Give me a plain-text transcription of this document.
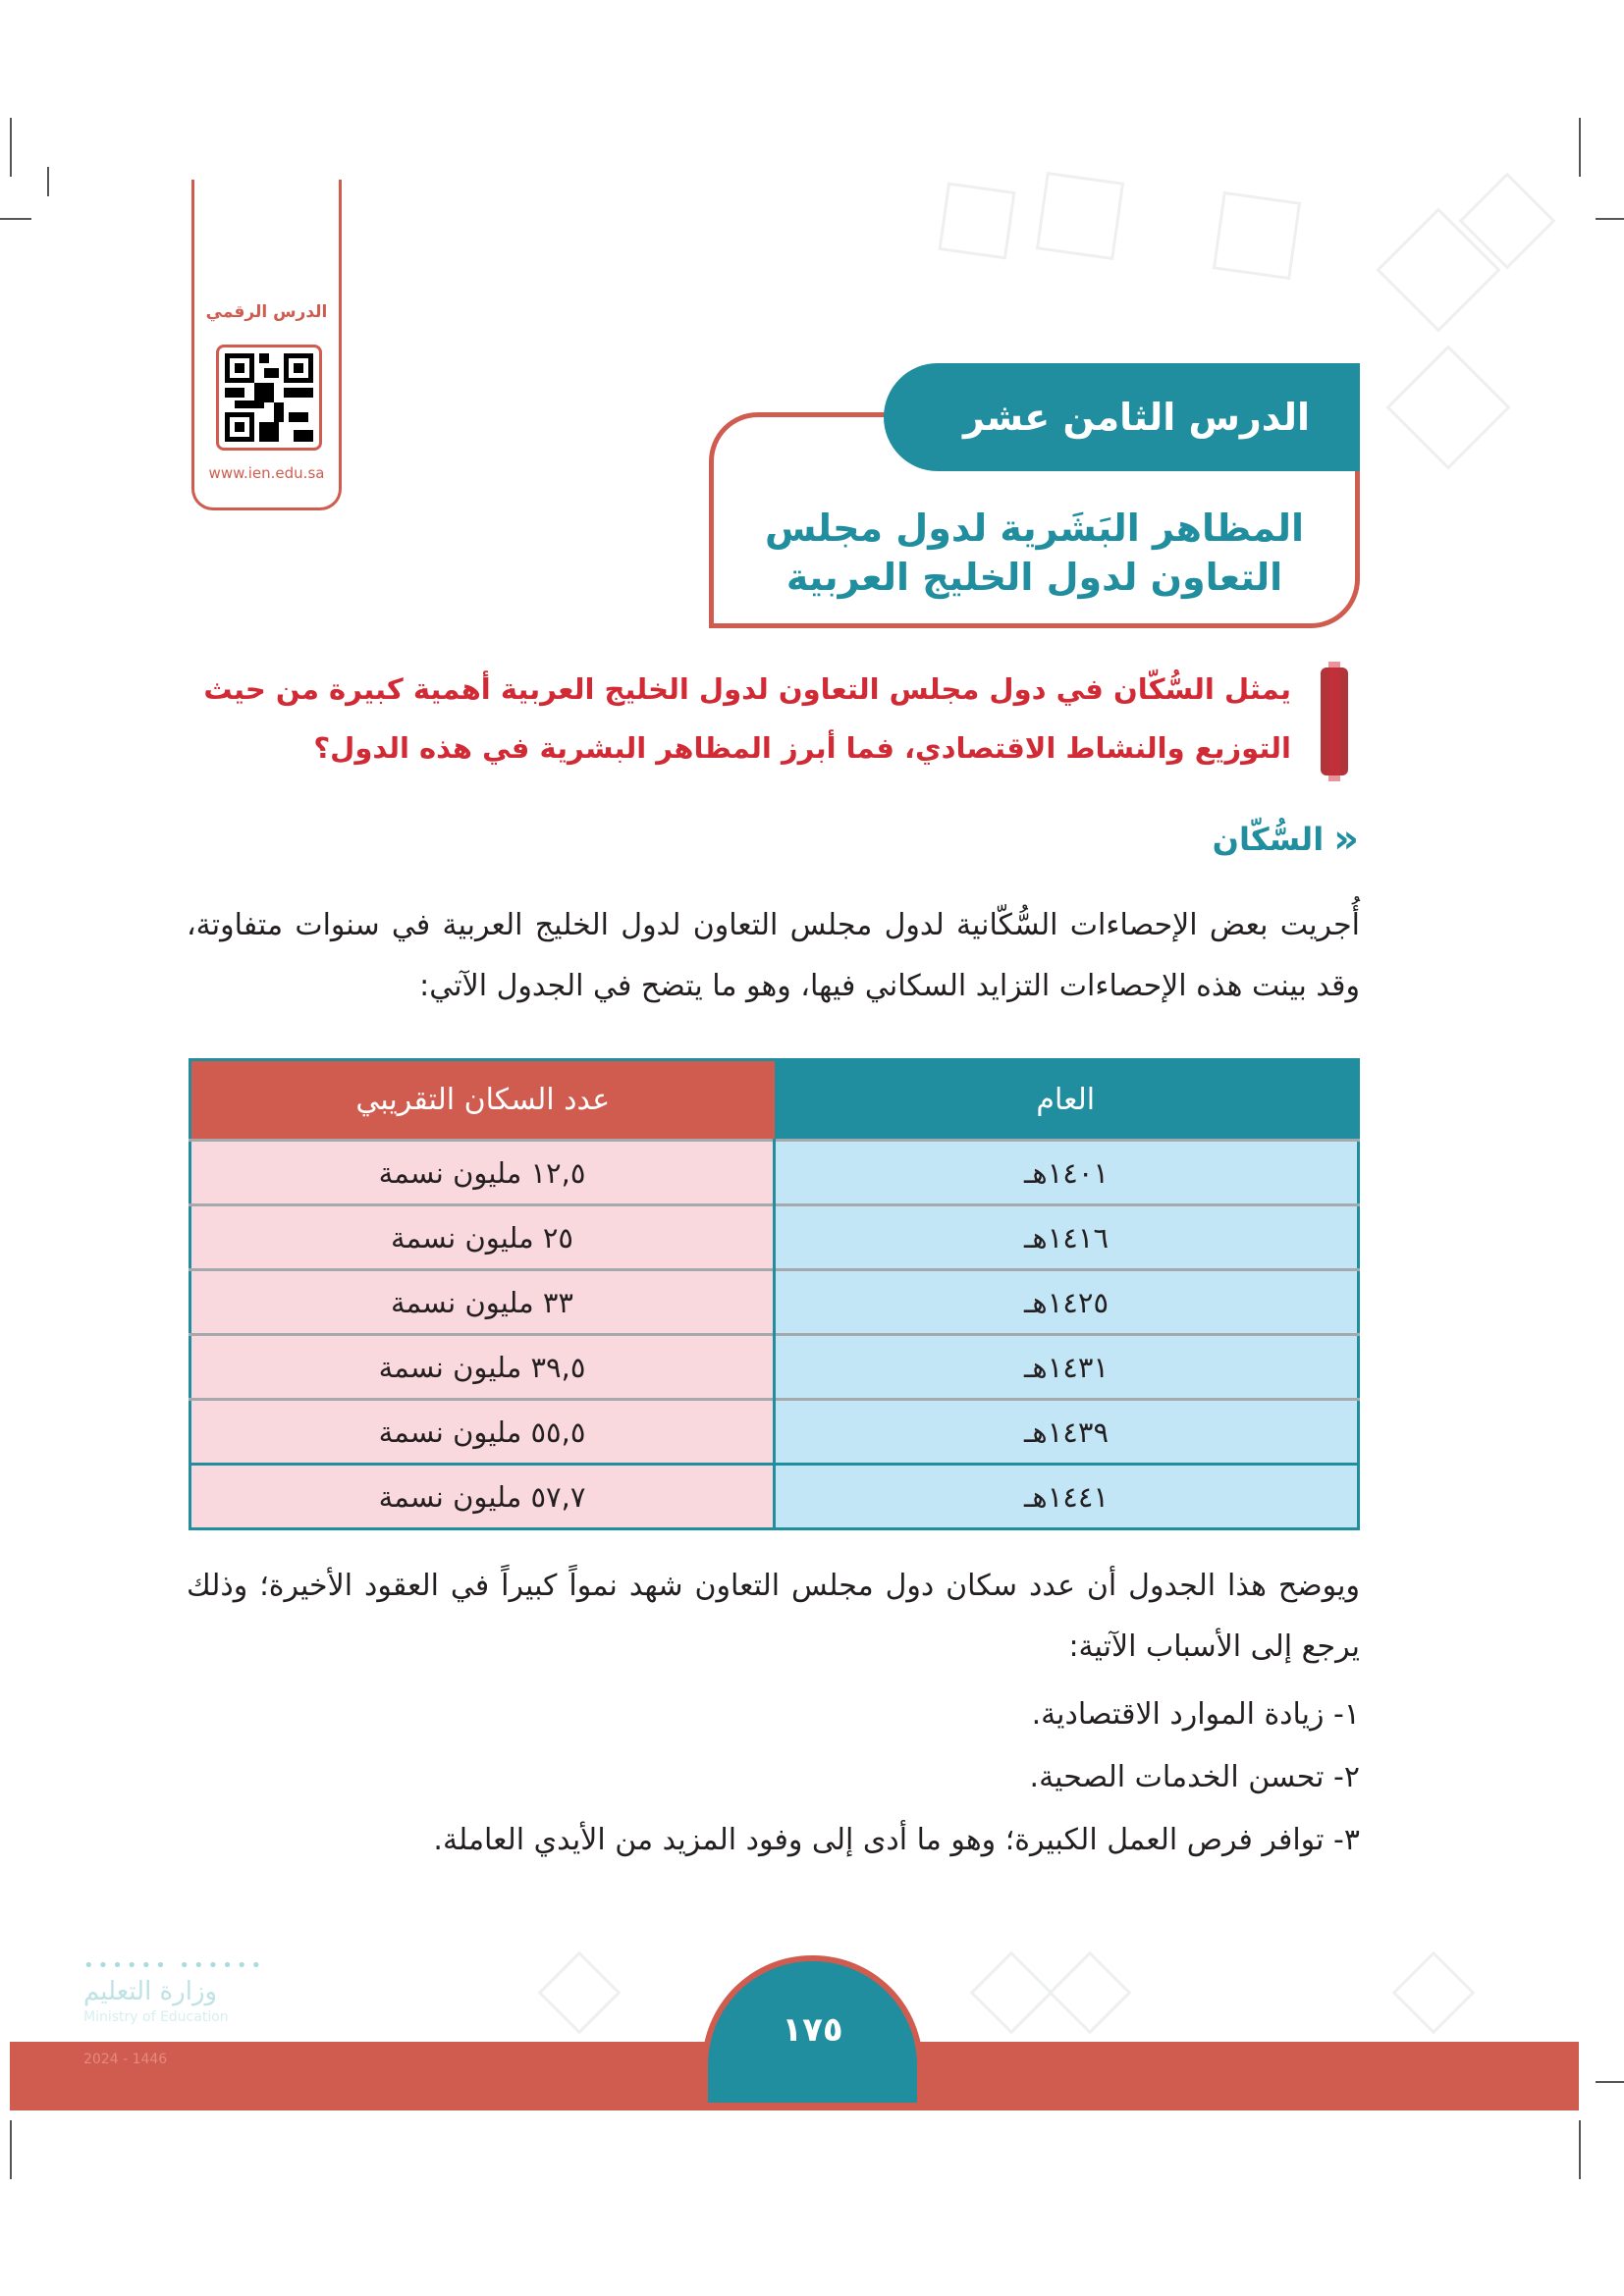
الدرس الرقمي
www.ien.edu.sa
المظاهر البَشَرية لدول مجلس
التعاون لدول الخليج العربية
الدرس الثامن عشر
يمثل السُّكّان في دول مجلس التعاون لدول الخليج العربية أهمية كبيرة من حيث التوزيع والنشاط الاقتصادي، فما أبرز المظاهر البشرية في هذه الدول؟
«
السُّكّان

أُجريت بعض الإحصاءات السُّكّانية لدول مجلس التعاون لدول الخليج العربية في سنوات متفاوتة، وقد بينت هذه الإحصاءات التزايد السكاني فيها، وهو ما يتضح في الجدول الآتي:

العام	عدد السكان التقريبي
١٤٠١هـ	١٢,٥ مليون نسمة
١٤١٦هـ	٢٥ مليون نسمة
١٤٢٥هـ	٣٣ مليون نسمة
١٤٣١هـ	٣٩,٥ مليون نسمة
١٤٣٩هـ	٥٥,٥ مليون نسمة
١٤٤١هـ	٥٧,٧ مليون نسمة

ويوضح هذا الجدول أن عدد سكان دول مجلس التعاون شهد نمواً كبيراً في العقود الأخيرة؛ وذلك يرجع إلى الأسباب الآتية:

١- زيادة الموارد الاقتصادية.
٢- تحسن الخدمات الصحية.
٣- توافر فرص العمل الكبيرة؛ وهو ما أدى إلى وفود المزيد من الأيدي العاملة.
•••••• ••••••
وزارة التعليم
Ministry of Education
2024 - 1446
١٧٥
